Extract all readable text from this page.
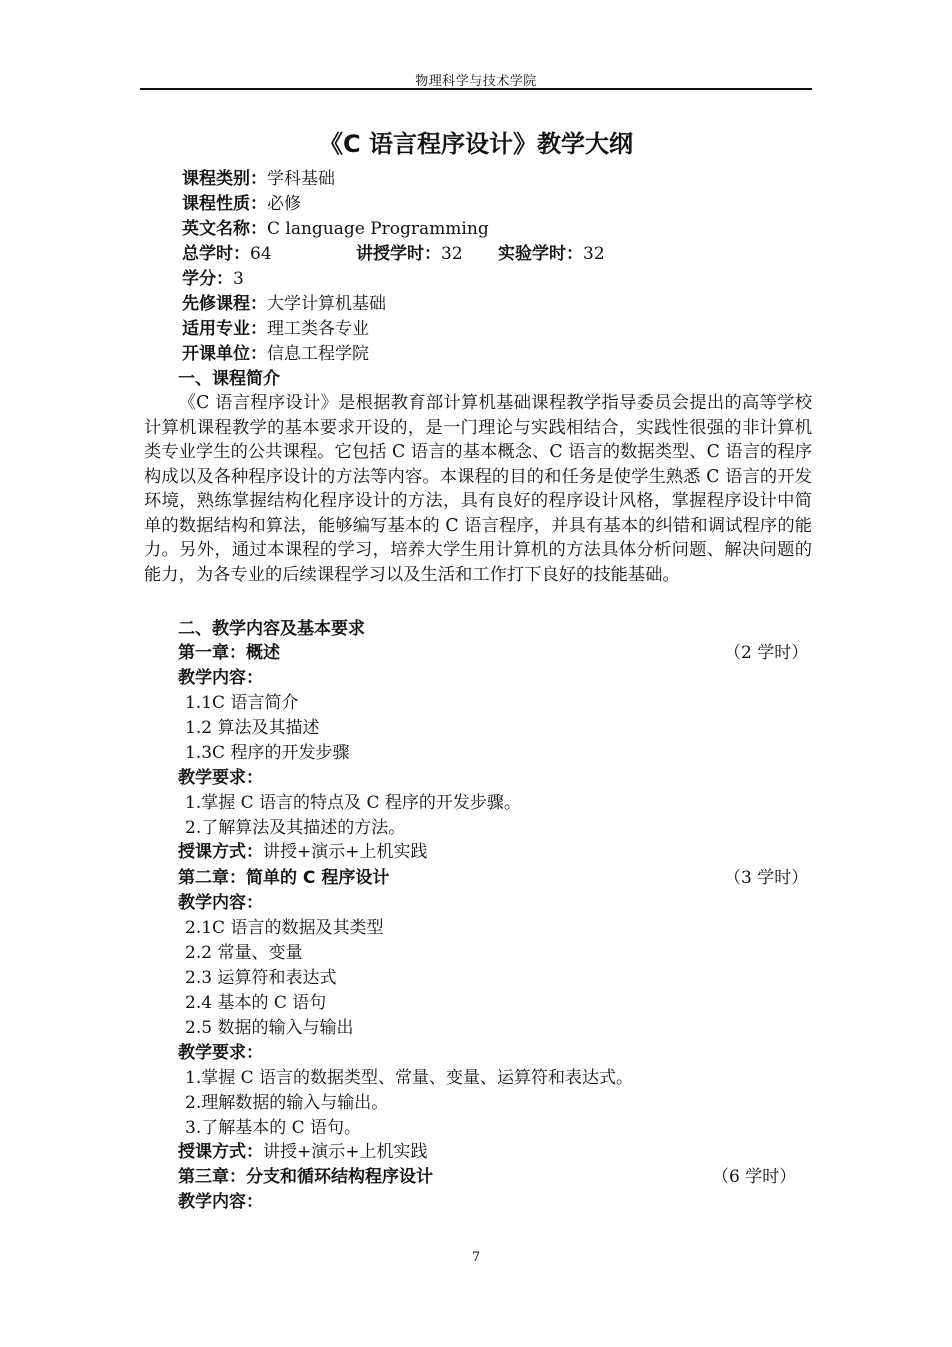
物理科学与技术学院
《C 语言程序设计》教学大纲
课程类别：学科基础
课程性质：必修
英文名称：C language Programming
总学时：64	讲授学时：32 实验学时：32
学分：3
先修课程：大学计算机基础
适用专业：理工类各专业
开课单位：信息工程学院
一、课程简介
《C 语言程序设计》是根据教育部计算机基础课程教学指导委员会提出的高等学校计算机课程教学的基本要求开设的，是一门理论与实践相结合，实践性很强的非计算机类专业学生的公共课程。它包括 C 语言的基本概念、C 语言的数据类型、C 语言的程序构成以及各种程序设计的方法等内容。本课程的目的和任务是使学生熟悉 C 语言的开发环境，熟练掌握结构化程序设计的方法，具有良好的程序设计风格，掌握程序设计中简单的数据结构和算法，能够编写基本的 C 语言程序，并具有基本的纠错和调试程序的能力。另外，通过本课程的学习，培养大学生用计算机的方法具体分析问题、解决问题的能力，为各专业的后续课程学习以及生活和工作打下良好的技能基础。
二、教学内容及基本要求
第一章：概述	（2 学时）
教学内容：
1.1C 语言简介
1.2 算法及其描述
1.3C 程序的开发步骤
教学要求：
1.掌握 C 语言的特点及 C 程序的开发步骤。
2.了解算法及其描述的方法。
授课方式：讲授+演示+上机实践
第二章：简单的 C 程序设计	（3 学时）
教学内容：
2.1C 语言的数据及其类型
2.2 常量、变量
2.3 运算符和表达式
2.4 基本的 C 语句
2.5 数据的输入与输出
教学要求：
1.掌握 C 语言的数据类型、常量、变量、运算符和表达式。
2.理解数据的输入与输出。
3.了解基本的 C 语句。
授课方式：讲授+演示+上机实践
第三章：分支和循环结构程序设计	（6 学时）
教学内容：
7
